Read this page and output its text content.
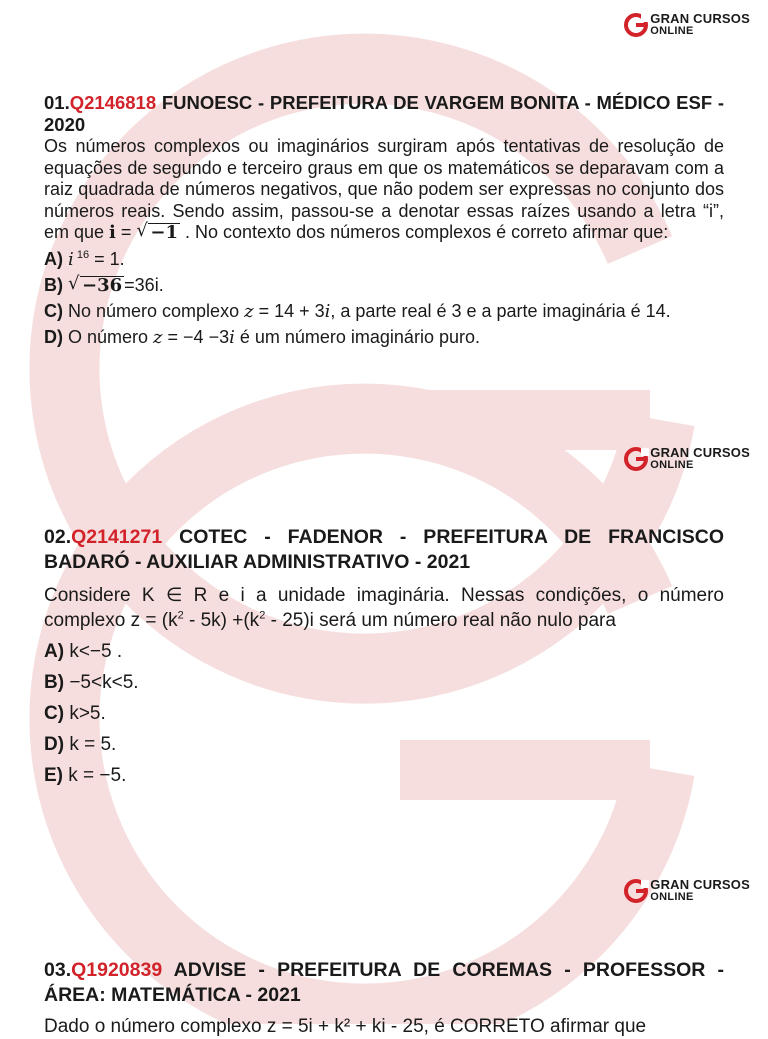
GRAN CURSOS
ONLINE
01.Q2146818 FUNOESC - PREFEITURA DE VARGEM BONITA - MÉDICO ESF - 2020

Os números complexos ou imaginários surgiram após tentativas de resolução de equações de segundo e terceiro graus em que os matemáticos se deparavam com a raiz quadrada de números negativos, que não podem ser expressas no conjunto dos números reais. Sendo assim, passou-se a denotar essas raízes usando a letra “i”, em que i = √ −1 . No contexto dos números complexos é correto afirmar que:

A) i $^{16}$ = 1.

B) √ −36 =36i.

C) No número complexo z = 14 + 3i, a parte real é 3 e a parte imaginária é 14.

D) O número z = −4 −3i é um número imaginário puro.

GRAN CURSOS
ONLINE
02.Q2141271 COTEC - FADENOR - PREFEITURA DE FRANCISCO BADARÓ - AUXILIAR ADMINISTRATIVO - 2021

Considere K ∈ R e i a unidade imaginária. Nessas condições, o número complexo $z = (k^2 - 5k) +(k^2 - 25)i$ será um número real não nulo para

A) k<−5 .

B) −5<k<5.

C) k>5.

D) k = 5.

E) k = −5.

GRAN CURSOS
ONLINE
03.Q1920839 ADVISE - PREFEITURA DE COREMAS - PROFESSOR - ÁREA: MATEMÁTICA - 2021

Dado o número complexo z = 5i + k² + ki - 25, é CORRETO afirmar que
